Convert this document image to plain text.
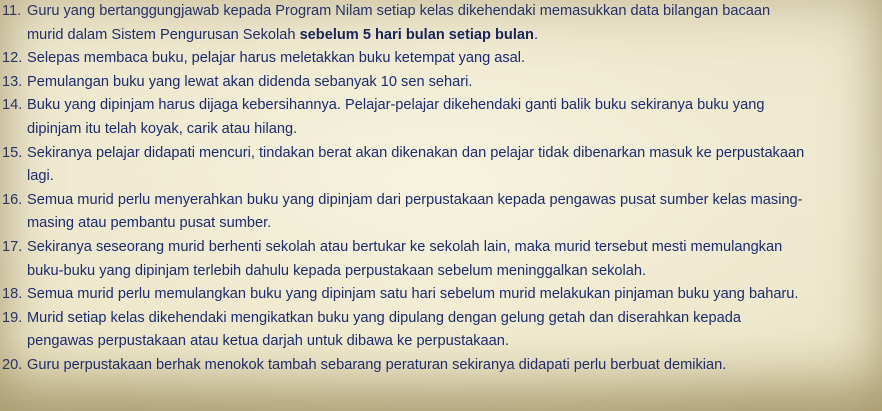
11. Guru yang bertanggungjawab kepada Program Nilam setiap kelas dikehendaki memasukkan data bilangan bacaan
murid dalam Sistem Pengurusan Sekolah sebelum 5 hari bulan setiap bulan.
12. Selepas membaca buku, pelajar harus meletakkan buku ketempat yang asal.
13. Pemulangan buku yang lewat akan didenda sebanyak 10 sen sehari.
14. Buku yang dipinjam harus dijaga kebersihannya. Pelajar-pelajar dikehendaki ganti balik buku sekiranya buku yang
dipinjam itu telah koyak, carik atau hilang.
15. Sekiranya pelajar didapati mencuri, tindakan berat akan dikenakan dan pelajar tidak dibenarkan masuk ke perpustakaan
lagi.
16. Semua murid perlu menyerahkan buku yang dipinjam dari perpustakaan kepada pengawas pusat sumber kelas masing-
masing atau pembantu pusat sumber.
17. Sekiranya seseorang murid berhenti sekolah atau bertukar ke sekolah lain, maka murid tersebut mesti memulangkan
buku-buku yang dipinjam terlebih dahulu kepada perpustakaan sebelum meninggalkan sekolah.
18. Semua murid perlu memulangkan buku yang dipinjam satu hari sebelum murid melakukan pinjaman buku yang baharu.
19. Murid setiap kelas dikehendaki mengikatkan buku yang dipulang dengan gelung getah dan diserahkan kepada
pengawas perpustakaan atau ketua darjah untuk dibawa ke perpustakaan.
20. Guru perpustakaan berhak menokok tambah sebarang peraturan sekiranya didapati perlu berbuat demikian.
